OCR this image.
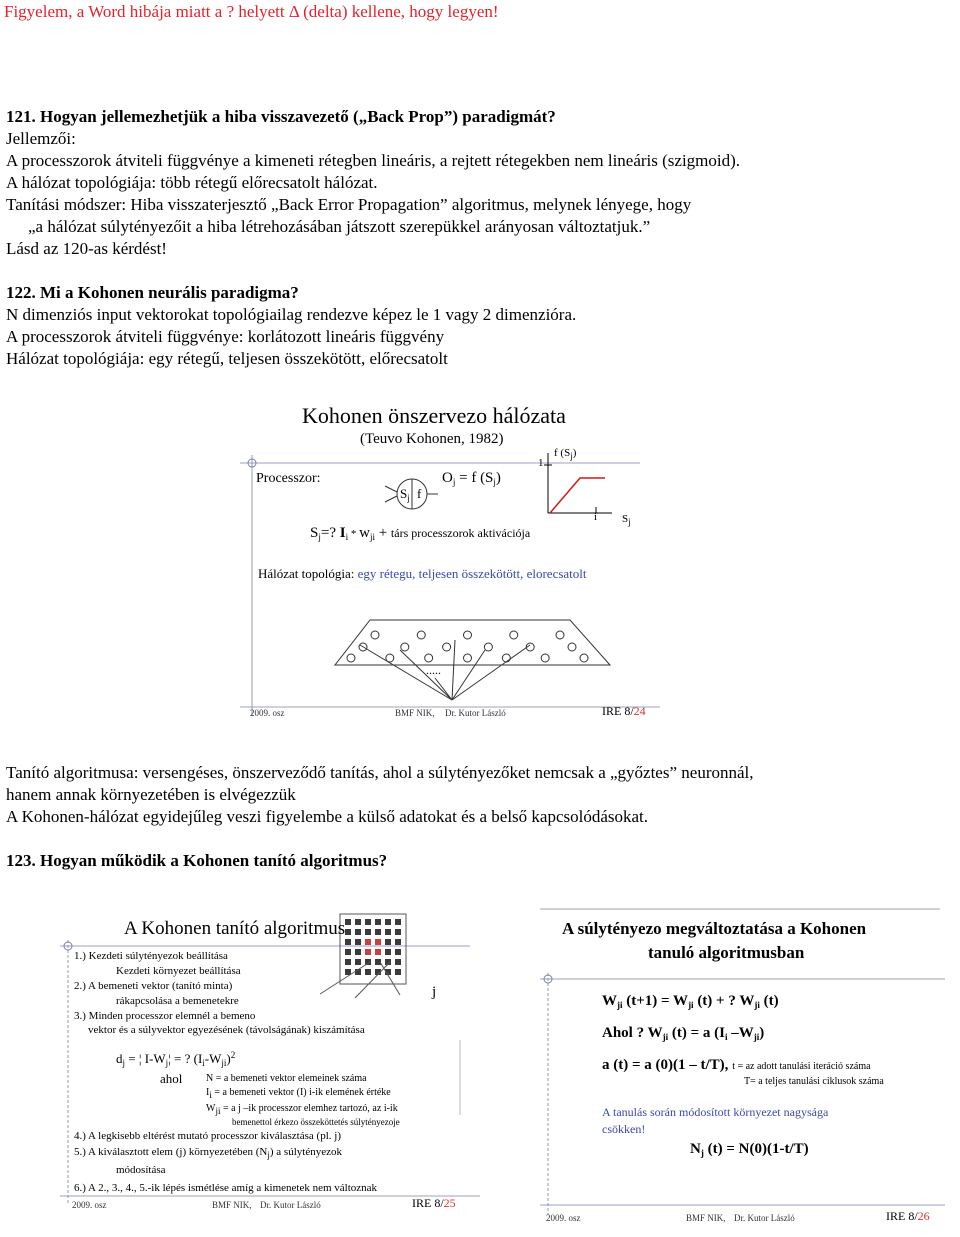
Figyelem, a Word hibája miatt a ? helyett Δ (delta) kellene, hogy legyen!
121. Hogyan jellemezhetjük a hiba visszavezető („Back Prop”) paradigmát?
Jellemzői:
A processzorok átviteli függvénye a kimeneti rétegben lineáris, a rejtett rétegekben nem lineáris (szigmoid).
A hálózat topológiája: több rétegű előrecsatolt hálózat.
Tanítási módszer: Hiba visszaterjesztő „Back Error Propagation” algoritmus, melynek lényege, hogy
„a hálózat súlytényezőit a hiba létrehozásában játszott szerepükkel arányosan változtatjuk.”
Lásd az 120-as kérdést!
122. Mi a Kohonen neurális paradigma?
N dimenziós input vektorokat topológiailag rendezve képez le 1 vagy 2 dimenzióra.
A processzorok átviteli függvénye: korlátozott lineáris függvény
Hálózat topológiája: egy rétegű, teljesen összekötött, előrecsatolt
Kohonen önszervezo hálózata
(Teuvo Kohonen, 1982)
Processzor:
$S_j$ f
$O_j = f$ $(S_j)$
1
f $(S_j)$
i $S_j$
$S_j=$? $I_i * w_{ji}$ + társ processzorok aktivációja
Hálózat topológia: egy rétegu, teljesen összekötött, elorecsatolt
.....
2009. osz	BMF NIK, Dr. Kutor László	IRE 8/24
Tanító algoritmusa: versengéses, önszerveződő tanítás, ahol a súlytényezőket nemcsak a „győztes” neuronnál,
hanem annak környezetében is elvégezzük
A Kohonen-hálózat egyidejűleg veszi figyelembe a külső adatokat és a belső kapcsolódásokat.
123. Hogyan működik a Kohonen tanító algoritmus?
A Kohonen tanító algoritmus
j
1.) Kezdeti súlytényezok beállítása
Kezdeti környezet beállítása
2.) A bemeneti vektor (tanító minta)
rákapcsolása a bemenetekre
3.) Minden processzor elemnél a bemeno
vektor és a súlyvektor egyezésének (távolságának) kiszámítása
$d_j$ = ¦ $I-W_j¦$ = ? $(I_i-W_{ji})^2$
ahol N = a bemeneti vektor elemeinek száma
Ii = a bemeneti vektor (I) i-ik elemének értéke
Wji = a j –ik processzor elemhez tartozó, az i-ik
bemenettol érkezo összeköttetés súlytényezoje
4.) A legkisebb eltérést mutató processzor kiválasztása (pl. j)
5.) A kiválasztott elem (j) környezetében $(N_j)$ a súlytényezok
módosítása
6.) A 2., 3., 4., 5.-ik lépés ismétlése amíg a kimenetek nem változnak
2009. osz	BMF NIK, Dr. Kutor László	IRE 8/25
A súlytényezo megváltoztatása a Kohonen
tanuló algoritmusban
$W_{ji}$ $(t+1) = W_{ji}$ (t) + ? $W_{ji}$ (t)
Ahol ? $W_{ji}$ (t) = a ($I_i$ $-W_{ji}$)
a (t) = a (0)(1 – t/T), t = az adott tanulási iteráció száma
T= a teljes tanulási ciklusok száma
A tanulás során módosított környezet nagysága
csökken!
$N_j$ (t) = N(0)(1-t/T)
2009. osz	BMF NIK, Dr. Kutor László	IRE 8/26
